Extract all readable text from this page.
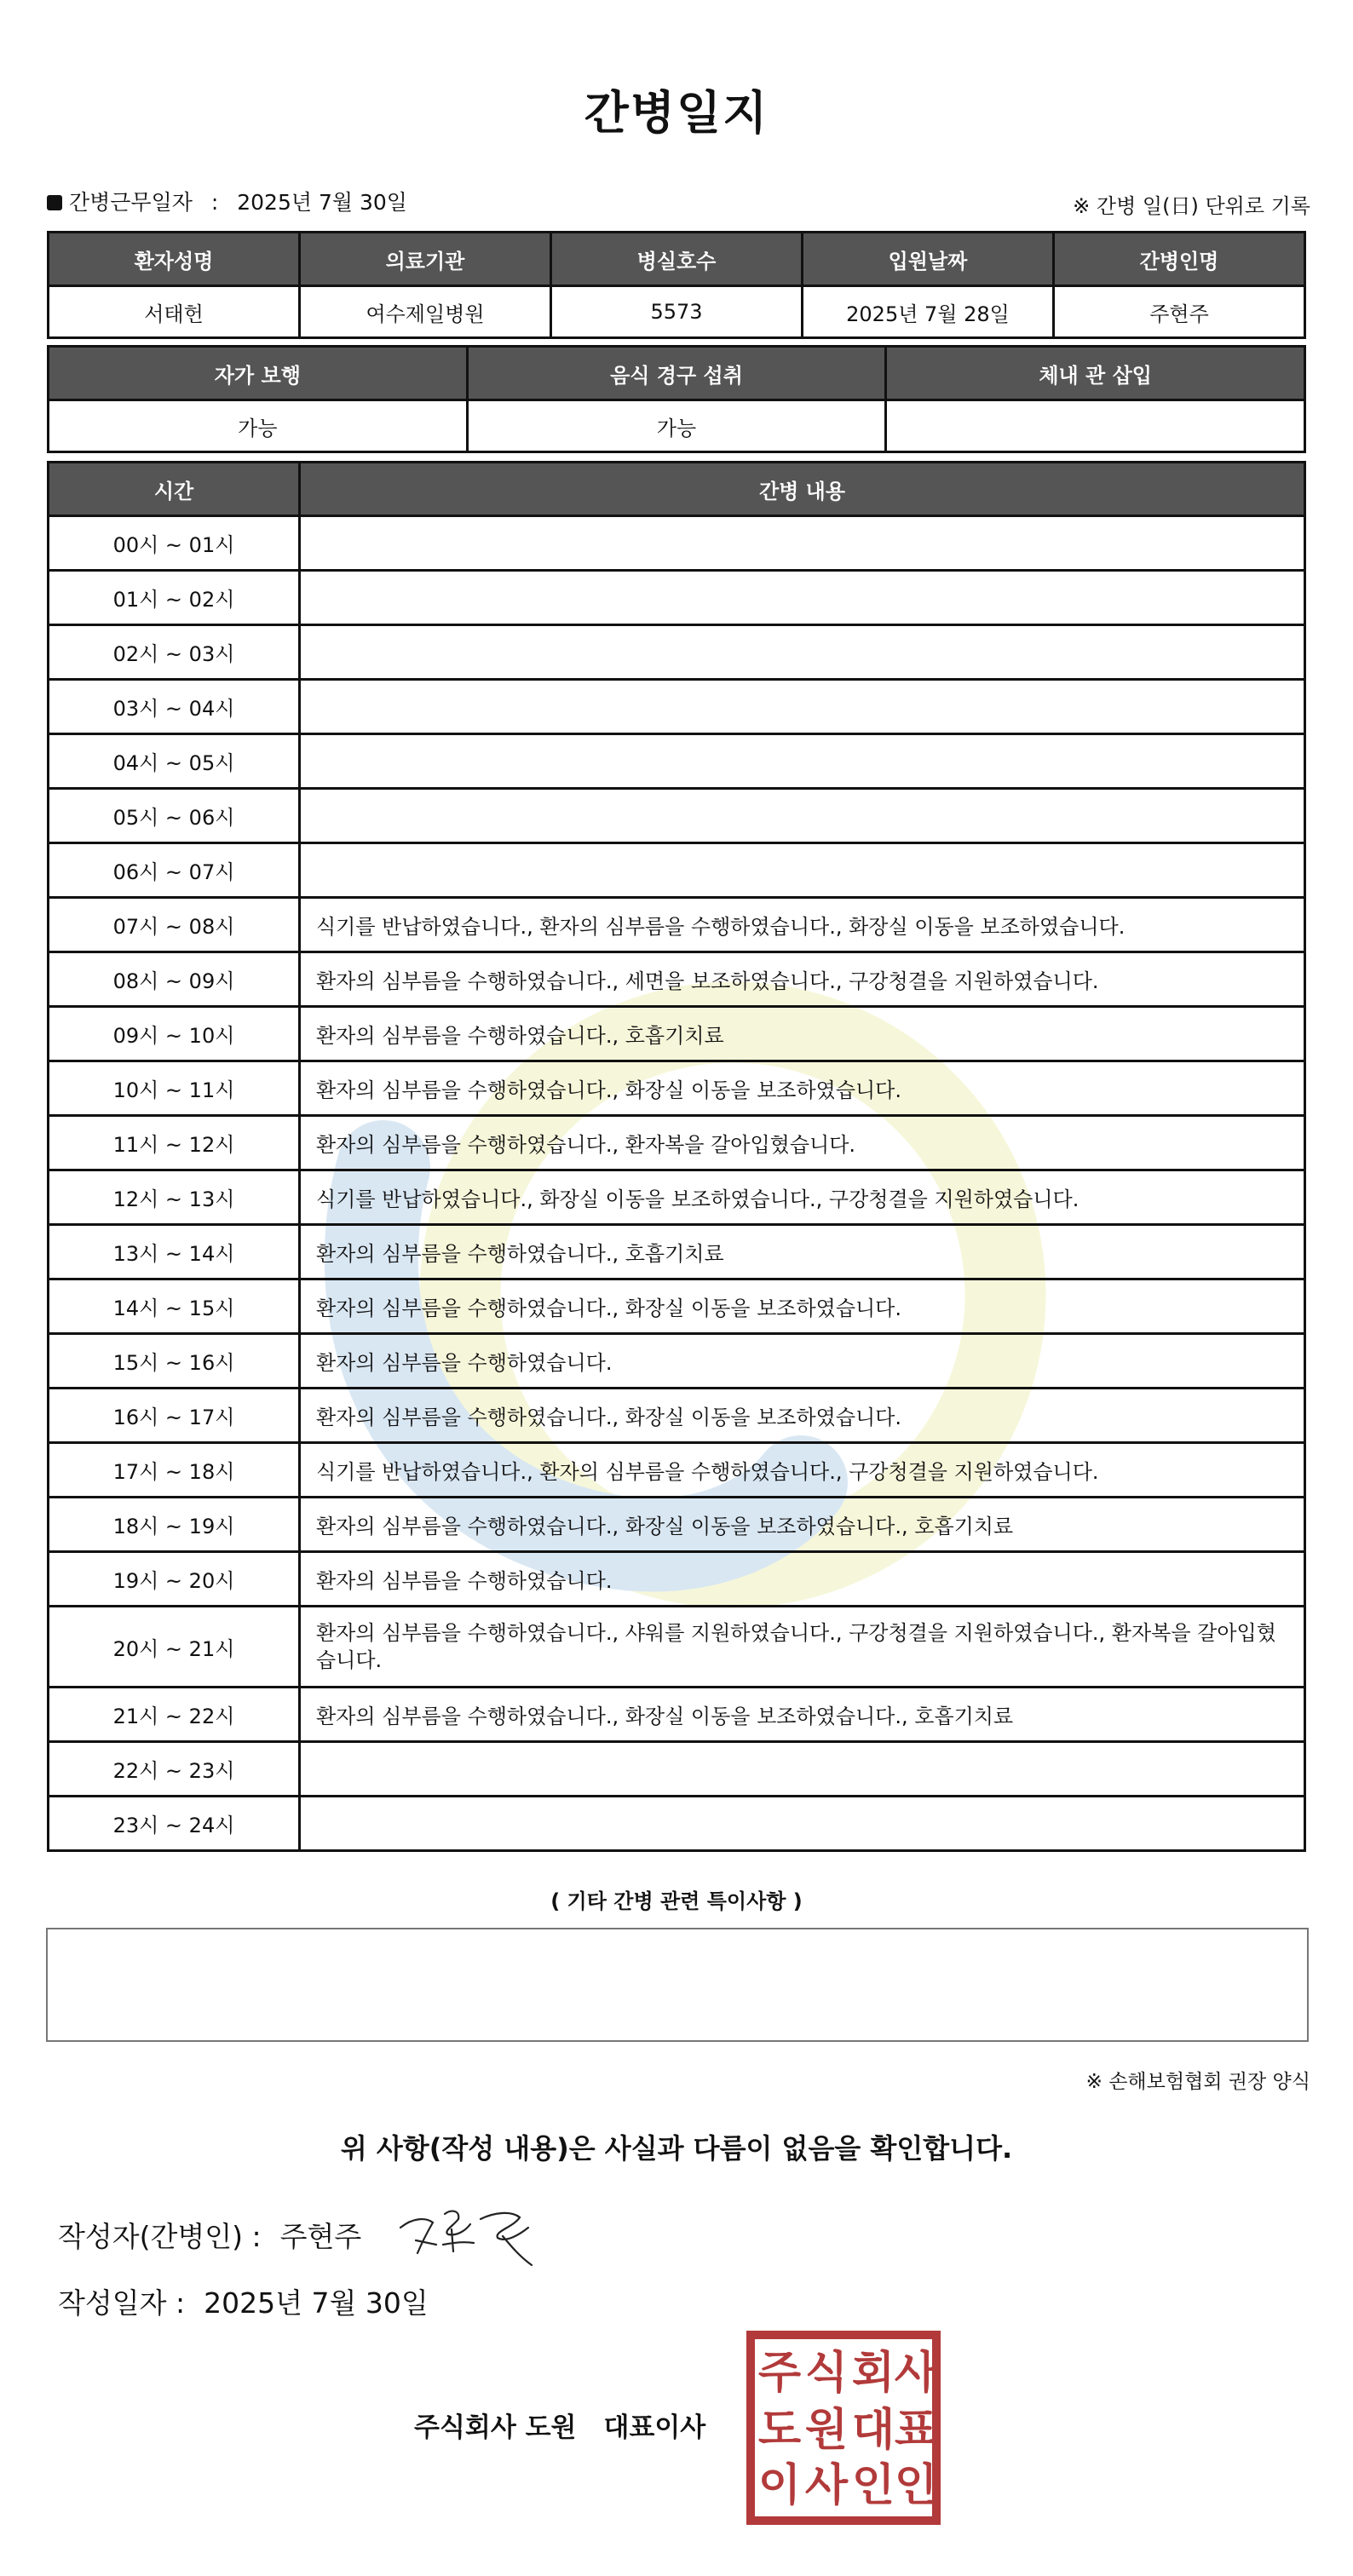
간병일지
간병근무일자 : 2025년 7월 30일	※ 간병 일(日) 단위로 기록
환자성명	의료기관	병실호수	입원날짜	간병인명
서태헌	여수제일병원	5573	2025년 7월 28일	주현주
자가 보행	음식 경구 섭취	체내 관 삽입
가능	가능	
시간	간병 내용
00시 ~ 01시	
01시 ~ 02시	
02시 ~ 03시	
03시 ~ 04시	
04시 ~ 05시	
05시 ~ 06시	
06시 ~ 07시	
07시 ~ 08시	식기를 반납하였습니다., 환자의 심부름을 수행하였습니다., 화장실 이동을 보조하였습니다.
08시 ~ 09시	환자의 심부름을 수행하였습니다., 세면을 보조하였습니다., 구강청결을 지원하였습니다.
09시 ~ 10시	환자의 심부름을 수행하였습니다., 호흡기치료
10시 ~ 11시	환자의 심부름을 수행하였습니다., 화장실 이동을 보조하였습니다.
11시 ~ 12시	환자의 심부름을 수행하였습니다., 환자복을 갈아입혔습니다.
12시 ~ 13시	식기를 반납하였습니다., 화장실 이동을 보조하였습니다., 구강청결을 지원하였습니다.
13시 ~ 14시	환자의 심부름을 수행하였습니다., 호흡기치료
14시 ~ 15시	환자의 심부름을 수행하였습니다., 화장실 이동을 보조하였습니다.
15시 ~ 16시	환자의 심부름을 수행하였습니다.
16시 ~ 17시	환자의 심부름을 수행하였습니다., 화장실 이동을 보조하였습니다.
17시 ~ 18시	식기를 반납하였습니다., 환자의 심부름을 수행하였습니다., 구강청결을 지원하였습니다.
18시 ~ 19시	환자의 심부름을 수행하였습니다., 화장실 이동을 보조하였습니다., 호흡기치료
19시 ~ 20시	환자의 심부름을 수행하였습니다.
20시 ~ 21시	환자의 심부름을 수행하였습니다., 샤워를 지원하였습니다., 구강청결을 지원하였습니다., 환자복을 갈아입혔습니다.
21시 ~ 22시	환자의 심부름을 수행하였습니다., 화장실 이동을 보조하였습니다., 호흡기치료
22시 ~ 23시	
23시 ~ 24시	
( 기타 간병 관련 특이사항 )
※ 손해보험협회 권장 양식
위 사항(작성 내용)은 사실과 다름이 없음을 확인합니다.
작성자(간병인) : 주현주
작성일자 : 2025년 7월 30일
주식회사 도원 대표이사
주 식 회 사
도 원 대 표
이 사 인 인
